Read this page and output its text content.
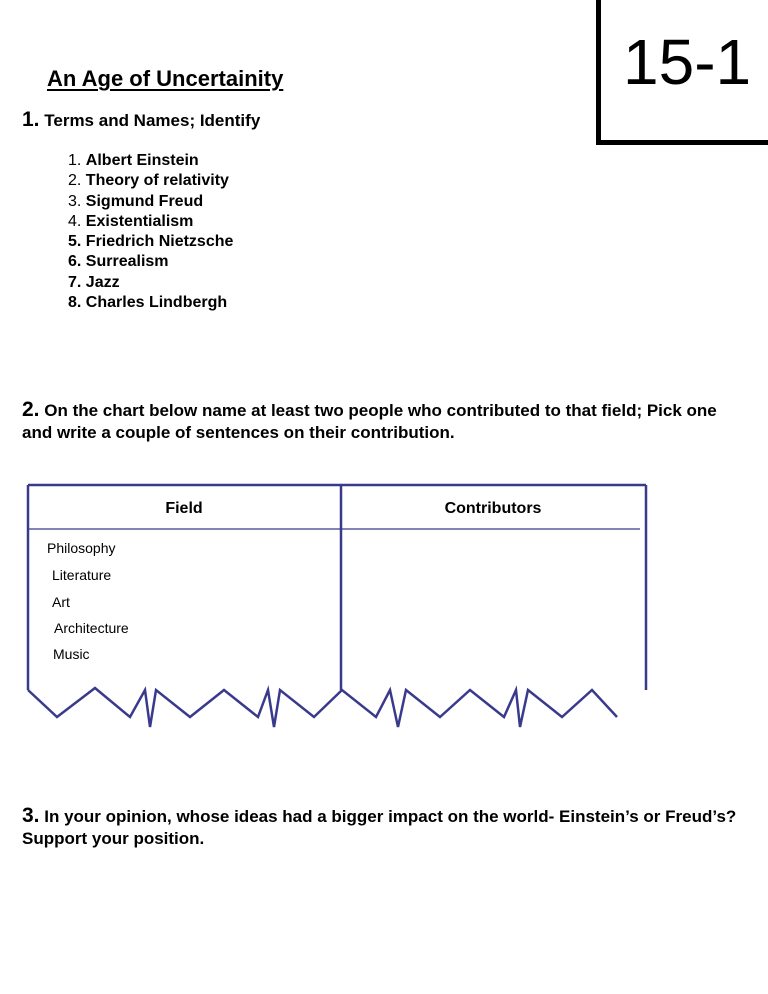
An Age of Uncertainity	15-1
1. Terms and Names; Identify
1. Albert Einstein
2. Theory of relativity
3. Sigmund Freud
4. Existentialism
5. Friedrich Nietzsche
6. Surrealism
7. Jazz
8. Charles Lindbergh
2. On the chart below name at least two people who contributed to that field; Pick one and write a couple of sentences on their contribution.
Field	Contributors
Philosophy
Literature
Art
Architecture
Music
3. In your opinion, whose ideas had a bigger impact on the world- Einstein’s or Freud’s? Support your position.
